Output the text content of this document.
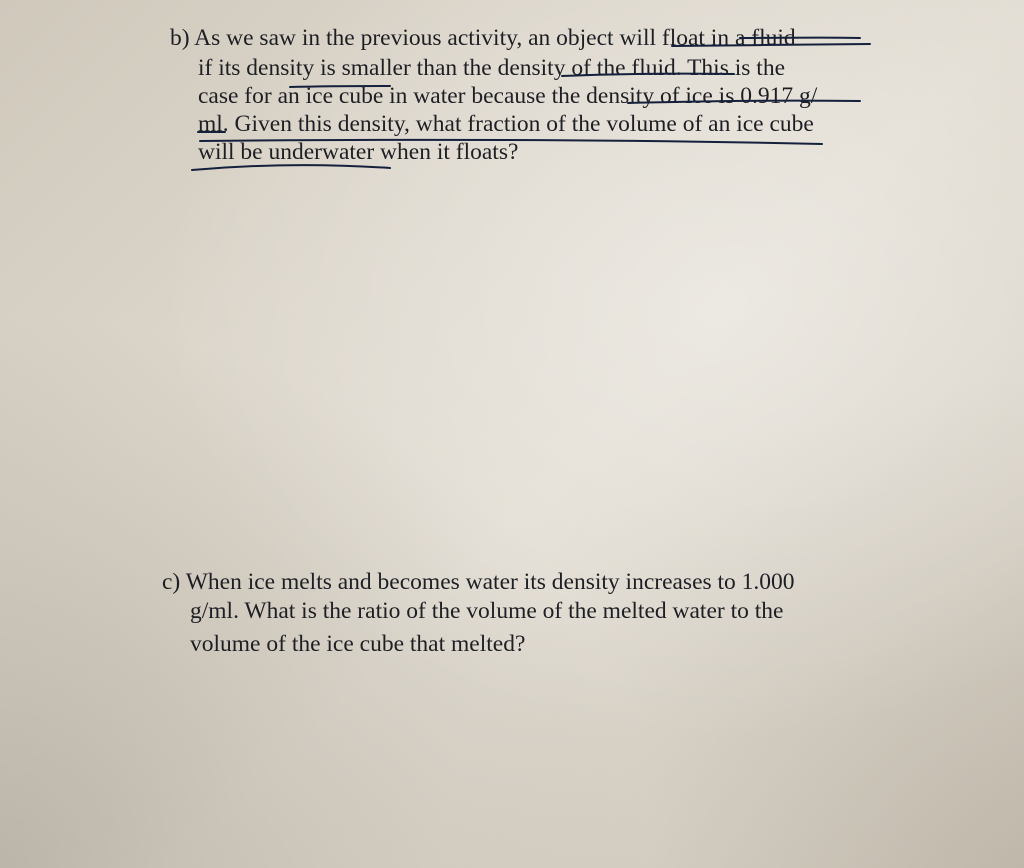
b) As we saw in the previous activity, an object will float in a fluid

if its density is smaller than the density of the fluid. This is the

case for an ice cube in water because the density of ice is 0.917 g/

ml. Given this density, what fraction of the volume of an ice cube

will be underwater when it floats?

c) When ice melts and becomes water its density increases to 1.000

g/ml. What is the ratio of the volume of the melted water to the

volume of the ice cube that melted?
